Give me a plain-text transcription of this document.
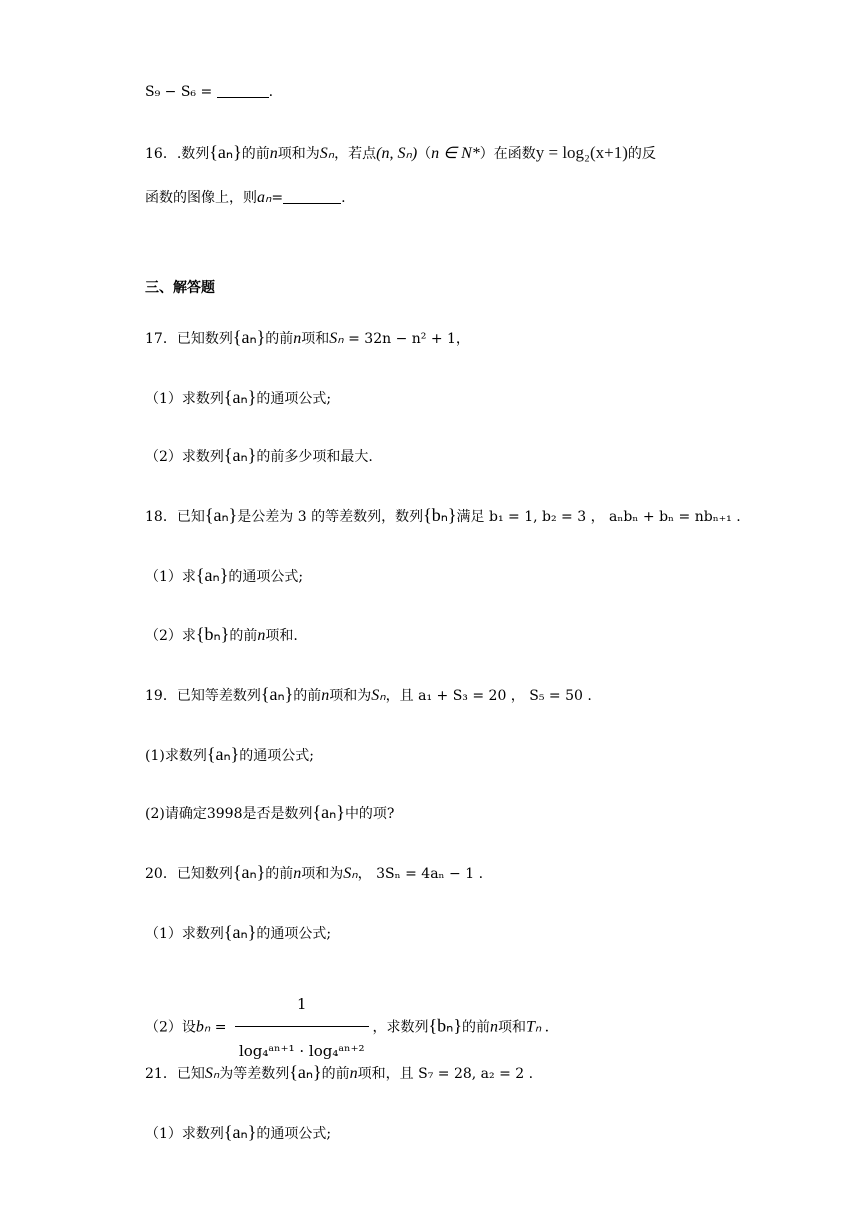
S₉ − S₆ =	.
16．.数列{aₙ}的前n项和为Sₙ，若点(n, Sₙ)（n ∈ N*）在函数y = log₂(x+1)的反
函数的图像上，则aₙ=	.
三、解答题
17．已知数列{aₙ}的前n项和Sₙ = 32n − n² + 1，
（1）求数列{aₙ}的通项公式;
（2）求数列{aₙ}的前多少项和最大.
18．已知{aₙ}是公差为 3 的等差数列，数列{bₙ}满足 b₁ = 1, b₂ = 3 ， aₙbₙ + bₙ = nbₙ₊₁ .
（1）求{aₙ}的通项公式;
（2）求{bₙ}的前n项和.
19．已知等差数列{aₙ}的前n项和为Sₙ，且 a₁ + S₃ = 20 ， S₅ = 50 .
(1)求数列{aₙ}的通项公式;
(2)请确定3998是否是数列{aₙ}中的项?
20．已知数列{aₙ}的前n项和为Sₙ， 3Sₙ = 4aₙ − 1 .
（1）求数列{aₙ}的通项公式;
（2）设$b_n = \frac{1}{\text{log₄ᵃⁿ⁺¹ · log₄ᵃⁿ⁺²}}$ ，求数列{bₙ}的前n项和Tₙ .
21．已知Sₙ为等差数列{aₙ}的前n项和，且 S₇ = 28, a₂ = 2 .
（1）求数列{aₙ}的通项公式;
